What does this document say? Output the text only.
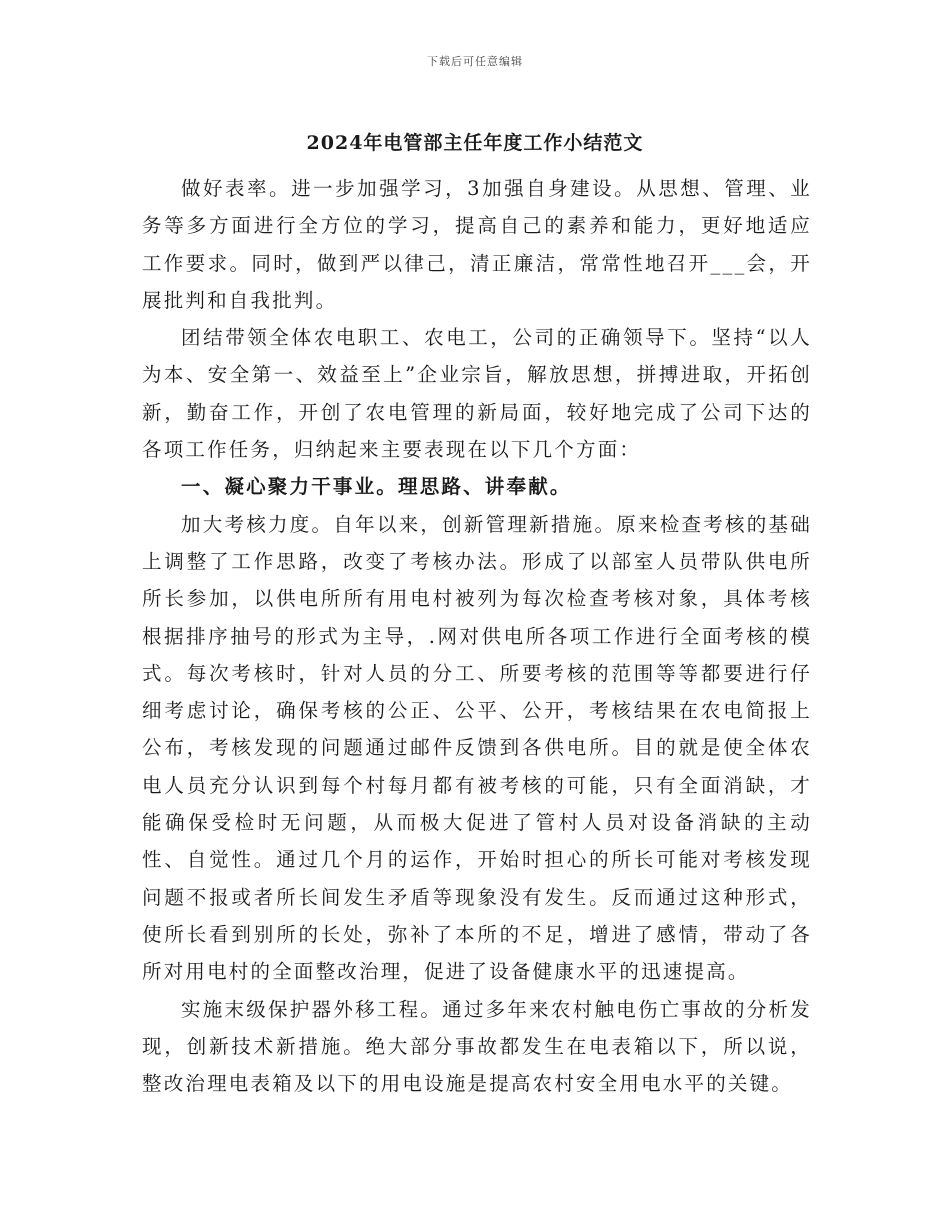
下载后可任意编辑
2024年电管部主任年度工作小结范文

做好表率。进一步加强学习，3加强自身建设。从思想、管理、业务等多方面进行全方位的学习，提高自己的素养和能力，更好地适应工作要求。同时，做到严以律己，清正廉洁，常常性地召开___会，开展批判和自我批判。

团结带领全体农电职工、农电工，公司的正确领导下。坚持“以人为本、安全第一、效益至上”企业宗旨，解放思想，拼搏进取，开拓创新，勤奋工作，开创了农电管理的新局面，较好地完成了公司下达的各项工作任务，归纳起来主要表现在以下几个方面：

一、凝心聚力干事业。理思路、讲奉献。

加大考核力度。自年以来，创新管理新措施。原来检查考核的基础上调整了工作思路，改变了考核办法。形成了以部室人员带队供电所所长参加，以供电所所有用电村被列为每次检查考核对象，具体考核根据排序抽号的形式为主导，.网对供电所各项工作进行全面考核的模式。每次考核时，针对人员的分工、所要考核的范围等等都要进行仔细考虑讨论，确保考核的公正、公平、公开，考核结果在农电简报上公布，考核发现的问题通过邮件反馈到各供电所。目的就是使全体农电人员充分认识到每个村每月都有被考核的可能，只有全面消缺，才能确保受检时无问题，从而极大促进了管村人员对设备消缺的主动性、自觉性。通过几个月的运作，开始时担心的所长可能对考核发现问题不报或者所长间发生矛盾等现象没有发生。反而通过这种形式，使所长看到别所的长处，弥补了本所的不足，增进了感情，带动了各所对用电村的全面整改治理，促进了设备健康水平的迅速提高。

实施末级保护器外移工程。通过多年来农村触电伤亡事故的分析发现，创新技术新措施。绝大部分事故都发生在电表箱以下，所以说，整改治理电表箱及以下的用电设施是提高农村安全用电水平的关键。
